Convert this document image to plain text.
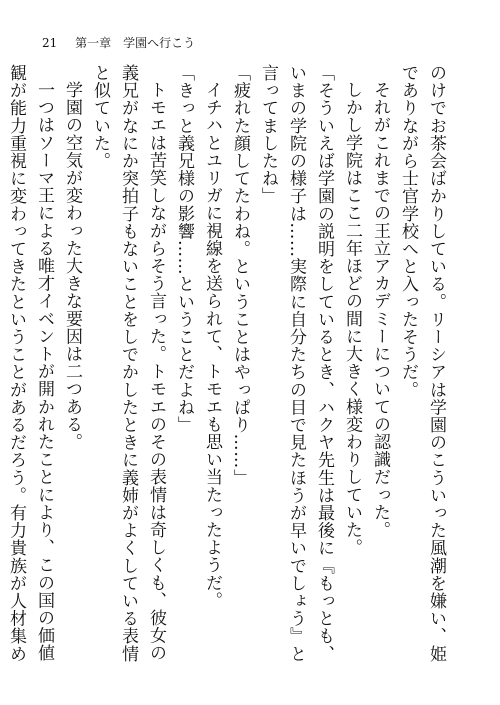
21 第一章　学園へ行こう

のけでお茶会ばかりしている。リーシアは学園のこういった風潮を嫌い、姫でありながら士官学校へと入ったそうだ。

それがこれまでの王立アカデミーについての認識だった。

しかし学院はここ二年ほどの間に大きく様変わりしていた。

「そういえば学園の説明をしているとき、ハクヤ先生は最後に『もっとも、いまの学院の様子は……実際に自分たちの目で見たほうが早いでしょう』と言ってましたね」

「疲れた顔してたわね。ということはやっぱり……」

イチハとユリガに視線を送られて、トモエも思い当たったようだ。

「きっと義兄様の影響……ということだよね」

トモエは苦笑しながらそう言った。トモエのその表情は奇しくも、彼女の義兄がなにか突拍子もないことをしでかしたときに義姉がよくしている表情と似ていた。

学園の空気が変わった大きな要因は二つある。

一つはソーマ王による唯才イベントが開かれたことにより、この国の価値観が能力重視に変わってきたということがあるだろう。有力貴族が人材集め
